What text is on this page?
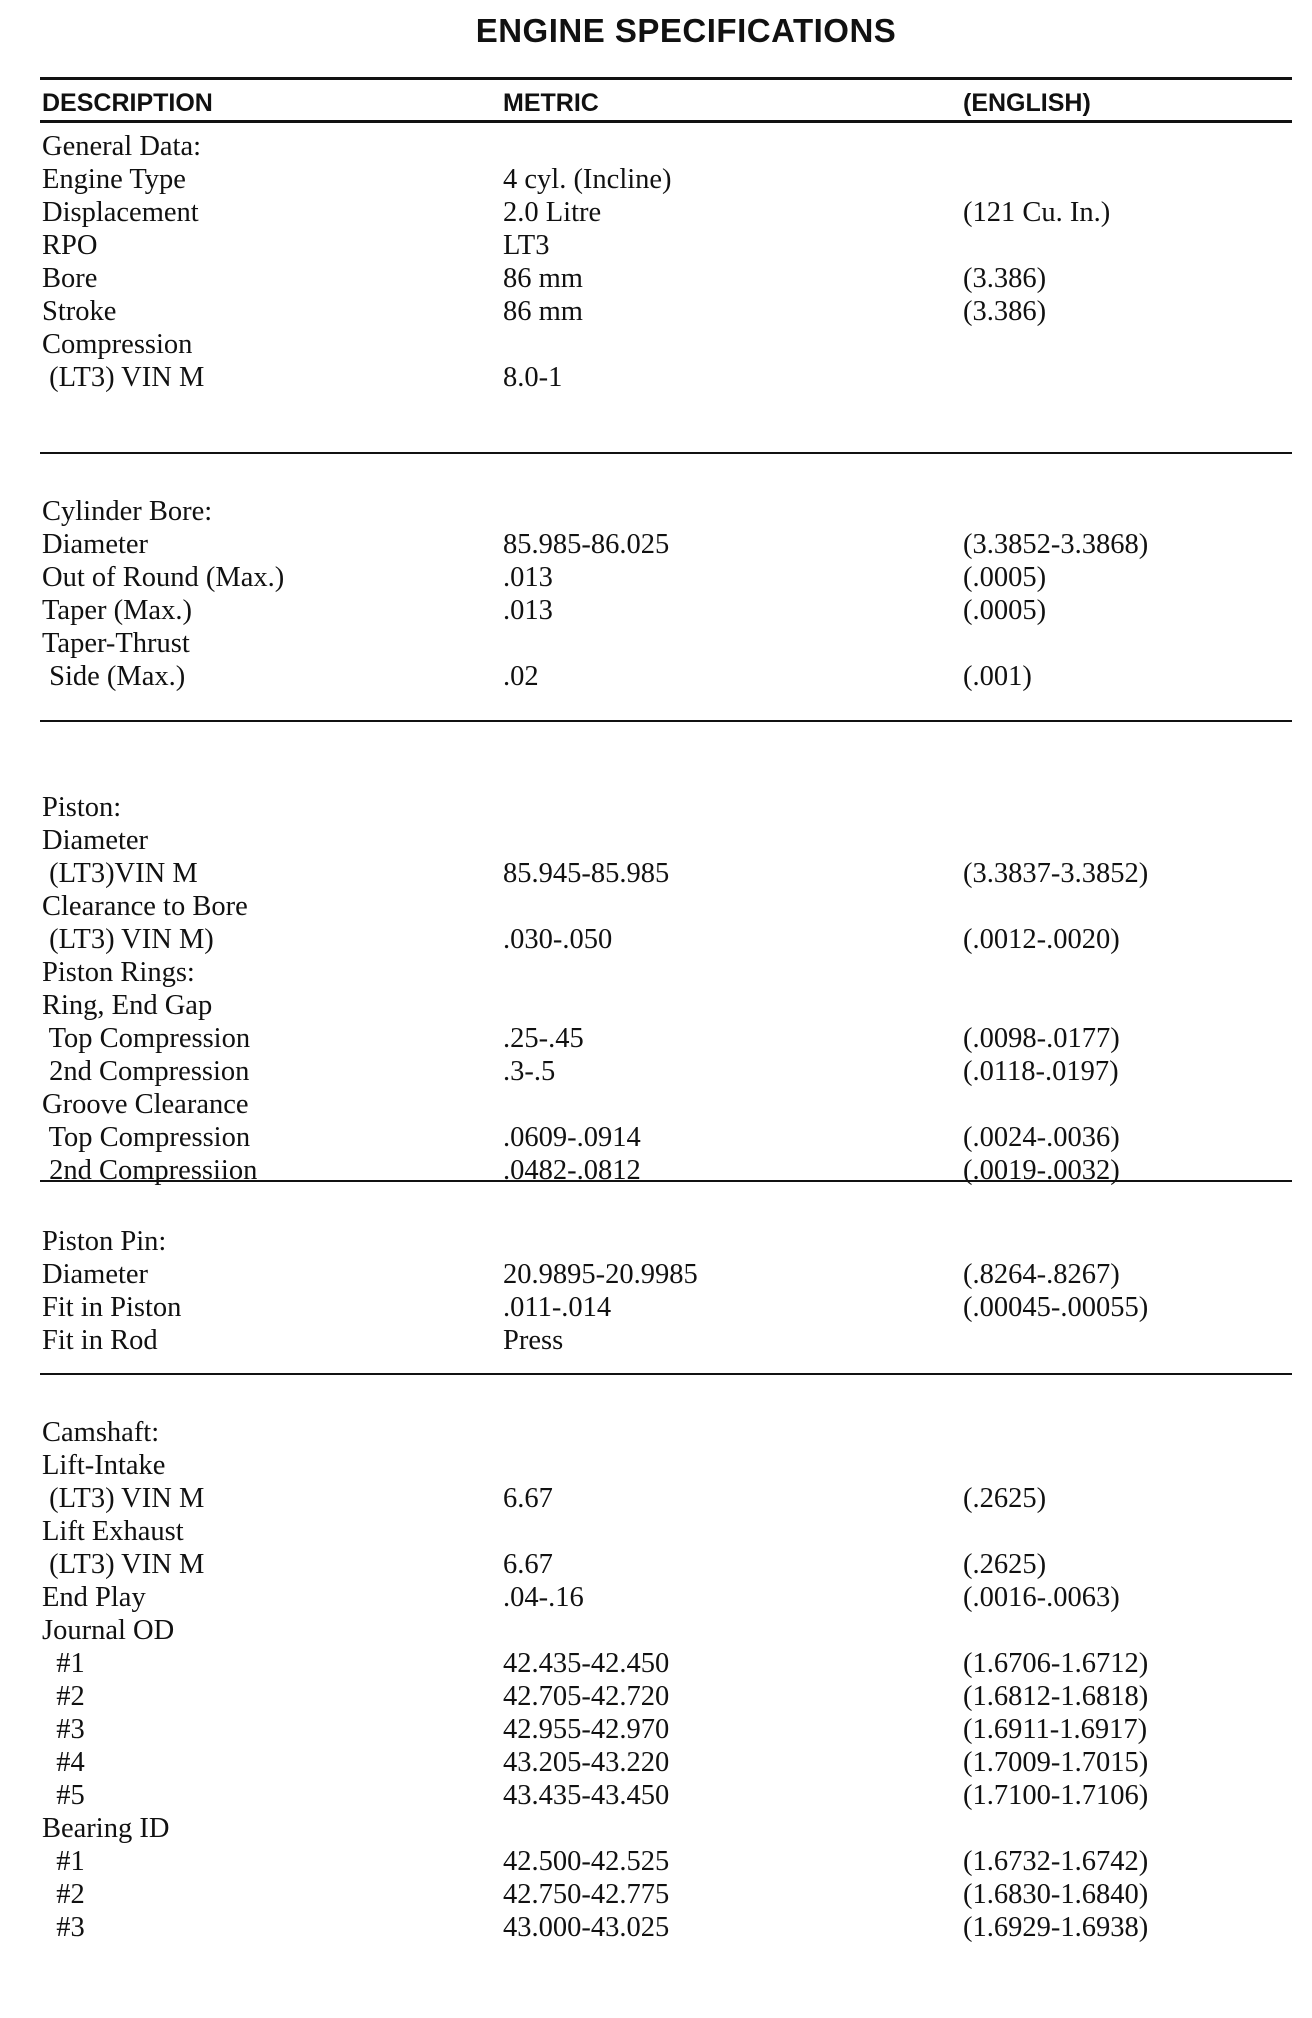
ENGINE SPECIFICATIONS
DESCRIPTION	METRIC	(ENGLISH)
General Data:
Engine Type	4 cyl. (Incline)
Displacement	2.0 Litre	(121 Cu. In.)
RPO	LT3
Bore	86 mm	(3.386)
Stroke	86 mm	(3.386)
Compression
(LT3) VIN M	8.0-1
Cylinder Bore:
Diameter	85.985-86.025	(3.3852-3.3868)
Out of Round (Max.)	.013	(.0005)
Taper (Max.)	.013	(.0005)
Taper-Thrust
Side (Max.)	.02	(.001)
Piston:
Diameter
(LT3)VIN M	85.945-85.985	(3.3837-3.3852)
Clearance to Bore
(LT3) VIN M)	.030-.050	(.0012-.0020)
Piston Rings:
Ring, End Gap
Top Compression	.25-.45	(.0098-.0177)
2nd Compression	.3-.5	(.0118-.0197)
Groove Clearance
Top Compression	.0609-.0914	(.0024-.0036)
2nd Compressiion	.0482-.0812	(.0019-.0032)
Piston Pin:
Diameter	20.9895-20.9985	(.8264-.8267)
Fit in Piston	.011-.014	(.00045-.00055)
Fit in Rod	Press
Camshaft:
Lift-Intake
(LT3) VIN M	6.67	(.2625)
Lift Exhaust
(LT3) VIN M	6.67	(.2625)
End Play	.04-.16	(.0016-.0063)
Journal OD
#1	42.435-42.450	(1.6706-1.6712)
#2	42.705-42.720	(1.6812-1.6818)
#3	42.955-42.970	(1.6911-1.6917)
#4	43.205-43.220	(1.7009-1.7015)
#5	43.435-43.450	(1.7100-1.7106)
Bearing ID
#1	42.500-42.525	(1.6732-1.6742)
#2	42.750-42.775	(1.6830-1.6840)
#3	43.000-43.025	(1.6929-1.6938)
